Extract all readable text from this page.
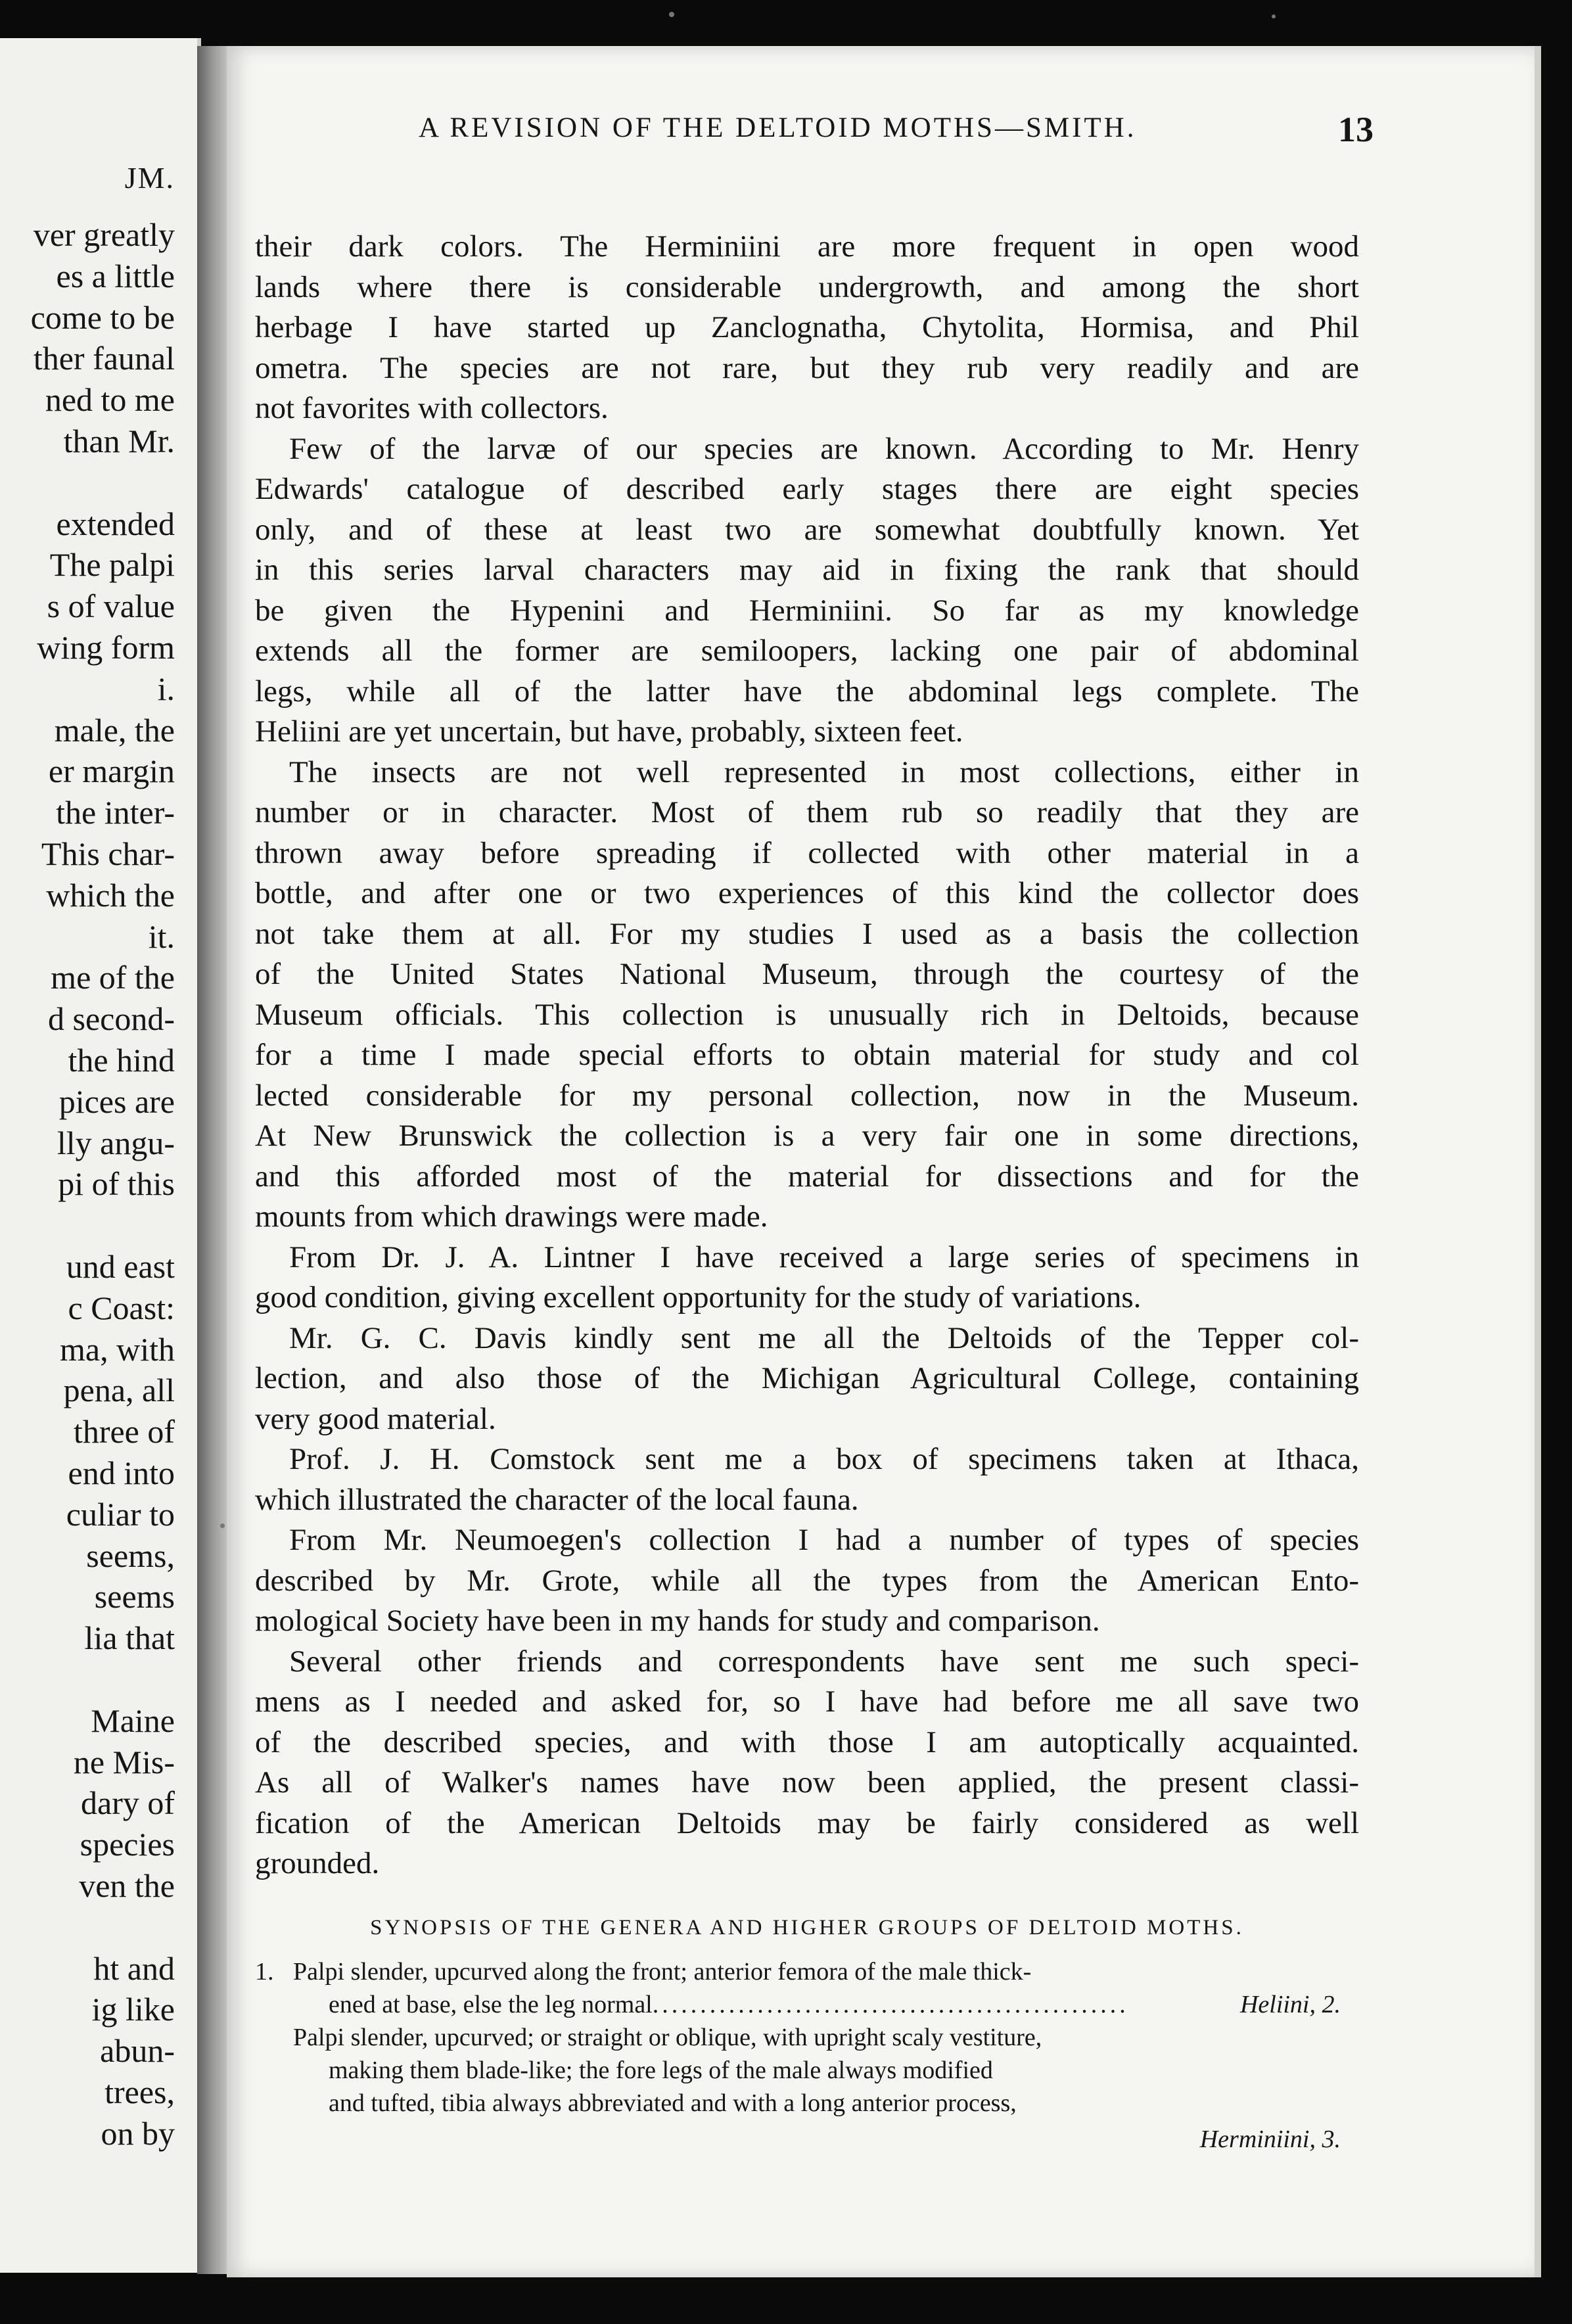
JM.
ver greatly
es a little
come to be
ther faunal
ned to me
than Mr.
extended
The palpi
s of value
wing form
i.
male, the
er margin
the inter-
This char-
which the
it.
me of the
d second-
the hind
pices are
lly angu-
pi of this
und east
c Coast:
ma, with
pena, all
three of
end into
culiar to
seems,
seems
lia that
Maine
ne Mis-
dary of
species
ven the
ht and
ig like
abun-
trees,
on by
A REVISION OF THE DELTOID MOTHS—SMITH.	13
their dark colors. The Herminiini are more frequent in open wood
lands where there is considerable undergrowth, and among the short
herbage I have started up Zanclognatha, Chytolita, Hormisa, and Phil
ometra. The species are not rare, but they rub very readily and are
not favorites with collectors.
Few of the larvæ of our species are known. According to Mr. Henry
Edwards' catalogue of described early stages there are eight species
only, and of these at least two are somewhat doubtfully known. Yet
in this series larval characters may aid in fixing the rank that should
be given the Hypenini and Herminiini. So far as my knowledge
extends all the former are semiloopers, lacking one pair of abdominal
legs, while all of the latter have the abdominal legs complete. The
Heliini are yet uncertain, but have, probably, sixteen feet.
The insects are not well represented in most collections, either in
number or in character. Most of them rub so readily that they are
thrown away before spreading if collected with other material in a
bottle, and after one or two experiences of this kind the collector does
not take them at all. For my studies I used as a basis the collection
of the United States National Museum, through the courtesy of the
Museum officials. This collection is unusually rich in Deltoids, because
for a time I made special efforts to obtain material for study and col
lected considerable for my personal collection, now in the Museum.
At New Brunswick the collection is a very fair one in some directions,
and this afforded most of the material for dissections and for the
mounts from which drawings were made.
From Dr. J. A. Lintner I have received a large series of specimens in
good condition, giving excellent opportunity for the study of variations.
Mr. G. C. Davis kindly sent me all the Deltoids of the Tepper col-
lection, and also those of the Michigan Agricultural College, containing
very good material.
Prof. J. H. Comstock sent me a box of specimens taken at Ithaca,
which illustrated the character of the local fauna.
From Mr. Neumoegen's collection I had a number of types of species
described by Mr. Grote, while all the types from the American Ento-
mological Society have been in my hands for study and comparison.
Several other friends and correspondents have sent me such speci-
mens as I needed and asked for, so I have had before me all save two
of the described species, and with those I am autoptically acquainted.
As all of Walker's names have now been applied, the present classi-
fication of the American Deltoids may be fairly considered as well
grounded.
SYNOPSIS OF THE GENERA AND HIGHER GROUPS OF DELTOID MOTHS.
1. Palpi slender, upcurved along the front; anterior femora of the male thick-
ened at base, else the leg normal..................................................	Heliini, 2.
Palpi slender, upcurved; or straight or oblique, with upright scaly vestiture,
making them blade-like; the fore legs of the male always modified
and tufted, tibia always abbreviated and with a long anterior process,
Herminiini, 3.
